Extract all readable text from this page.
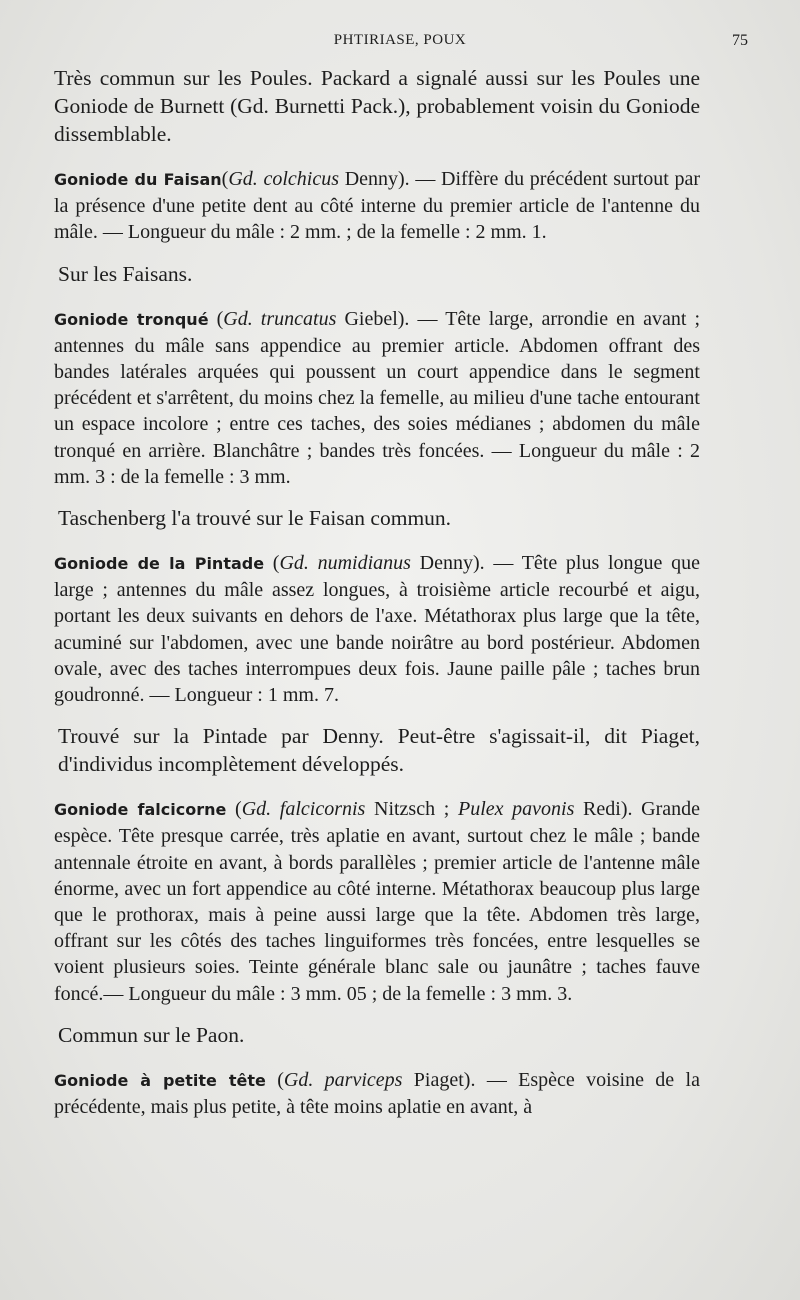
PHTIRIASE, POUX	75

Très commun sur les Poules. Packard a signalé aussi sur les Poules une Goniode de Burnett (Gd. Burnetti Pack.), probablement voisin du Goniode dissemblable.

Goniode du Faisan(Gd. colchicus Denny). — Diffère du précédent surtout par la présence d'une petite dent au côté interne du premier article de l'antenne du mâle. — Longueur du mâle : 2 mm. ; de la femelle : 2 mm. 1.

Sur les Faisans.

Goniode tronqué (Gd. truncatus Giebel). — Tête large, arrondie en avant ; antennes du mâle sans appendice au premier article. Abdomen offrant des bandes latérales arquées qui poussent un court appendice dans le segment précédent et s'arrêtent, du moins chez la femelle, au milieu d'une tache entourant un espace incolore ; entre ces taches, des soies médianes ; abdomen du mâle tronqué en arrière. Blanchâtre ; bandes très foncées. — Longueur du mâle : 2 mm. 3 : de la femelle : 3 mm.

Taschenberg l'a trouvé sur le Faisan commun.

Goniode de la Pintade (Gd. numidianus Denny). — Tête plus longue que large ; antennes du mâle assez longues, à troisième article recourbé et aigu, portant les deux suivants en dehors de l'axe. Métathorax plus large que la tête, acuminé sur l'abdomen, avec une bande noirâtre au bord postérieur. Abdomen ovale, avec des taches interrompues deux fois. Jaune paille pâle ; taches brun goudronné. — Longueur : 1 mm. 7.

Trouvé sur la Pintade par Denny. Peut-être s'agissait-il, dit Piaget, d'individus incomplètement développés.

Goniode falcicorne (Gd. falcicornis Nitzsch ; Pulex pavonis Redi). Grande espèce. Tête presque carrée, très aplatie en avant, surtout chez le mâle ; bande antennale étroite en avant, à bords parallèles ; premier article de l'antenne mâle énorme, avec un fort appendice au côté interne. Métathorax beaucoup plus large que le prothorax, mais à peine aussi large que la tête. Abdomen très large, offrant sur les côtés des taches linguiformes très foncées, entre lesquelles se voient plusieurs soies. Teinte générale blanc sale ou jaunâtre ; taches fauve foncé.— Longueur du mâle : 3 mm. 05 ; de la femelle : 3 mm. 3.

Commun sur le Paon.

Goniode à petite tête (Gd. parviceps Piaget). — Espèce voisine de la précédente, mais plus petite, à tête moins aplatie en avant, à
